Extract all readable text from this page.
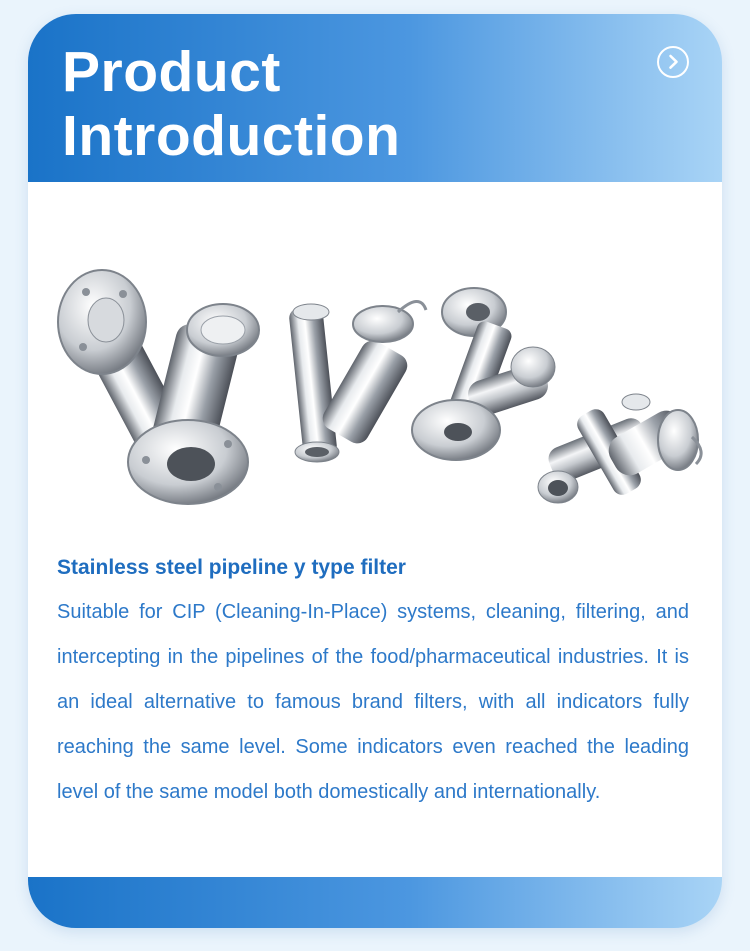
Product
Introduction
Stainless steel pipeline y type filter

Suitable for CIP (Cleaning-In-Place) systems, cleaning, filtering, and intercepting in the pipelines of the food/pharmaceutical industries. It is an ideal alternative to famous brand filters, with all indicators fully reaching the same level. Some indicators even reached the leading level of the same model both domestically and internationally.
